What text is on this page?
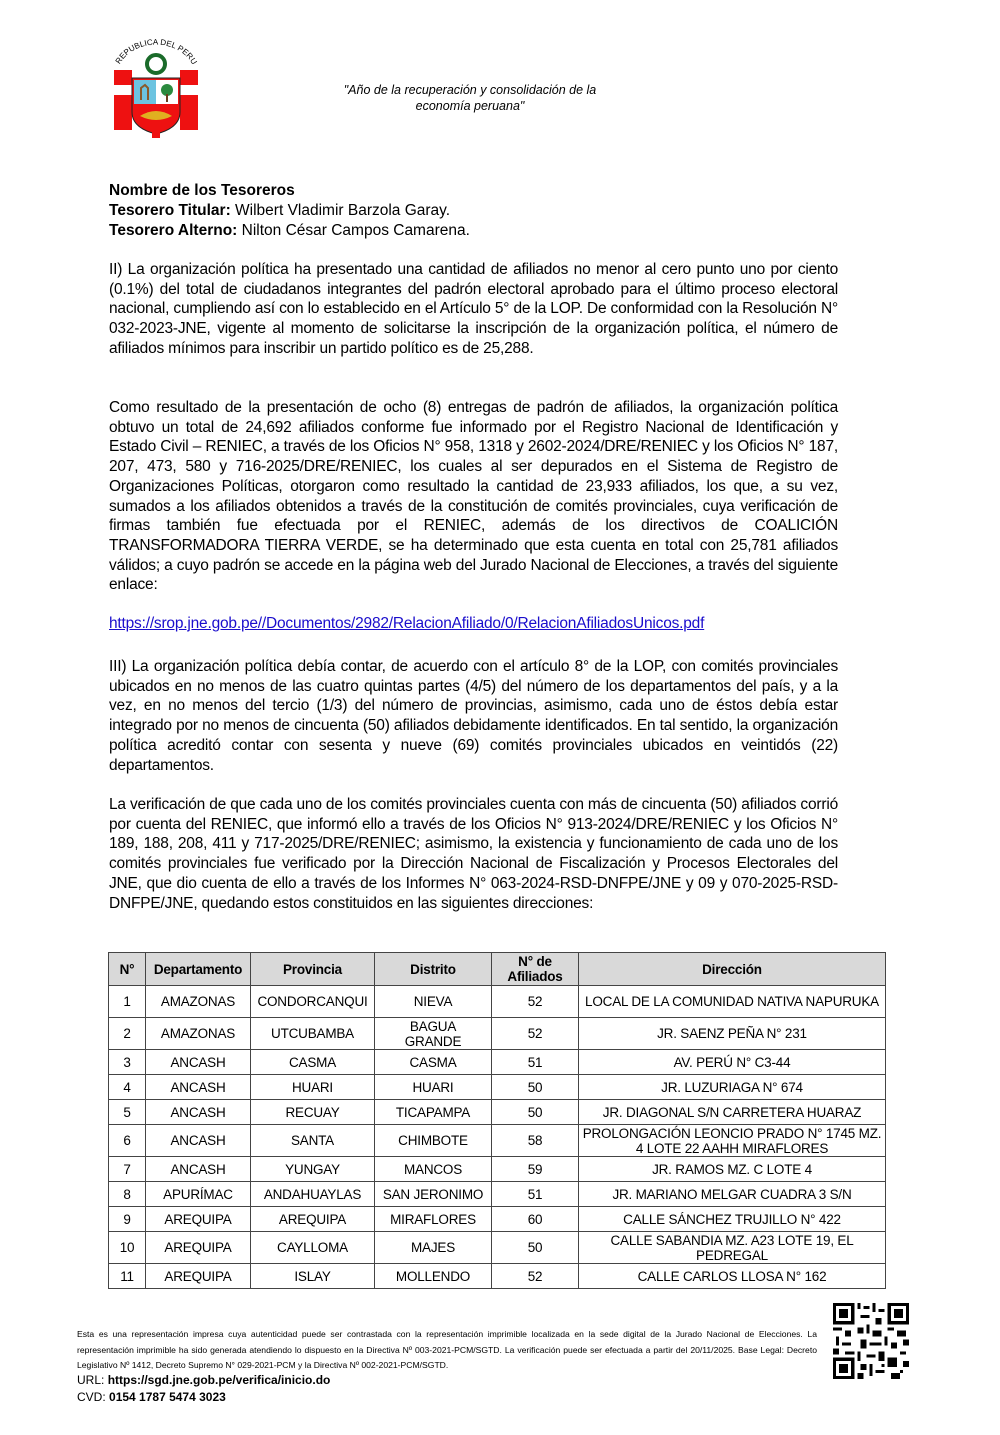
REPUBLICA DEL PERU
"Año de la recuperación y consolidación de la
economía peruana"
Nombre de los Tesoreros
Tesorero Titular: Wilbert Vladimir Barzola Garay.
Tesorero Alterno: Nilton César Campos Camarena.
II) La organización política ha presentado una cantidad de afiliados no menor al cero punto uno por ciento (0.1%) del total de ciudadanos integrantes del padrón electoral aprobado para el último proceso electoral nacional, cumpliendo así con lo establecido en el Artículo 5° de la LOP. De conformidad con la Resolución N° 032-2023-JNE, vigente al momento de solicitarse la inscripción de la organización política, el número de afiliados mínimos para inscribir un partido político es de 25,288.
Como resultado de la presentación de ocho (8) entregas de padrón de afiliados, la organización política obtuvo un total de 24,692 afiliados conforme fue informado por el Registro Nacional de Identificación y Estado Civil – RENIEC, a través de los Oficios N° 958, 1318 y 2602-2024/DRE/RENIEC y los Oficios N° 187, 207, 473, 580 y 716-2025/DRE/RENIEC, los cuales al ser depurados en el Sistema de Registro de Organizaciones Políticas, otorgaron como resultado la cantidad de 23,933 afiliados, los que, a su vez, sumados a los afiliados obtenidos a través de la constitución de comités provinciales, cuya verificación de firmas también fue efectuada por el RENIEC, además de los directivos de COALICIÓN TRANSFORMADORA TIERRA VERDE, se ha determinado que esta cuenta en total con 25,781 afiliados válidos; a cuyo padrón se accede en la página web del Jurado Nacional de Elecciones, a través del siguiente enlace:
https://srop.jne.gob.pe//Documentos/2982/RelacionAfiliado/0/RelacionAfiliadosUnicos.pdf
III) La organización política debía contar, de acuerdo con el artículo 8° de la LOP, con comités provinciales ubicados en no menos de las cuatro quintas partes (4/5) del número de los departamentos del país, y a la vez, en no menos del tercio (1/3) del número de provincias, asimismo, cada uno de éstos debía estar integrado por no menos de cincuenta (50) afiliados debidamente identificados. En tal sentido, la organización política acreditó contar con sesenta y nueve (69) comités provinciales ubicados en veintidós (22) departamentos.
La verificación de que cada uno de los comités provinciales cuenta con más de cincuenta (50) afiliados corrió por cuenta del RENIEC, que informó ello a través de los Oficios N° 913-2024/DRE/RENIEC y los Oficios N° 189, 188, 208, 411 y 717-2025/DRE/RENIEC; asimismo, la existencia y funcionamiento de cada uno de los comités provinciales fue verificado por la Dirección Nacional de Fiscalización y Procesos Electorales del JNE, que dio cuenta de ello a través de los Informes N° 063-2024-RSD-DNFPE/JNE y 09 y 070-2025-RSD-DNFPE/JNE, quedando estos constituidos en las siguientes direcciones:
N°	Departamento	Provincia	Distrito	N° de Afiliados	Dirección
1	AMAZONAS	CONDORCANQUI	NIEVA	52	LOCAL DE LA COMUNIDAD NATIVA NAPURUKA
2	AMAZONAS	UTCUBAMBA	BAGUA GRANDE	52	JR. SAENZ PEÑA N° 231
3	ANCASH	CASMA	CASMA	51	AV. PERÚ N° C3-44
4	ANCASH	HUARI	HUARI	50	JR. LUZURIAGA N° 674
5	ANCASH	RECUAY	TICAPAMPA	50	JR. DIAGONAL S/N CARRETERA HUARAZ
6	ANCASH	SANTA	CHIMBOTE	58	PROLONGACIÓN LEONCIO PRADO N° 1745 MZ. 4 LOTE 22 AAHH MIRAFLORES
7	ANCASH	YUNGAY	MANCOS	59	JR. RAMOS MZ. C LOTE 4
8	APURÍMAC	ANDAHUAYLAS	SAN JERONIMO	51	JR. MARIANO MELGAR CUADRA 3 S/N
9	AREQUIPA	AREQUIPA	MIRAFLORES	60	CALLE SÁNCHEZ TRUJILLO N° 422
10	AREQUIPA	CAYLLOMA	MAJES	50	CALLE SABANDIA MZ. A23 LOTE 19, EL PEDREGAL
11	AREQUIPA	ISLAY	MOLLENDO	52	CALLE CARLOS LLOSA N° 162
Esta es una representación impresa cuya autenticidad puede ser contrastada con la representación imprimible localizada en la sede digital de la Jurado Nacional de Elecciones. La representación imprimible ha sido generada atendiendo lo dispuesto en la Directiva Nº 003-2021-PCM/SGTD. La verificación puede ser efectuada a partir del 20/11/2025. Base Legal: Decreto Legislativo Nº 1412, Decreto Supremo N° 029-2021-PCM y la Directiva Nº 002-2021-PCM/SGTD.
URL: https://sgd.jne.gob.pe/verifica/inicio.do
CVD: 0154 1787 5474 3023
